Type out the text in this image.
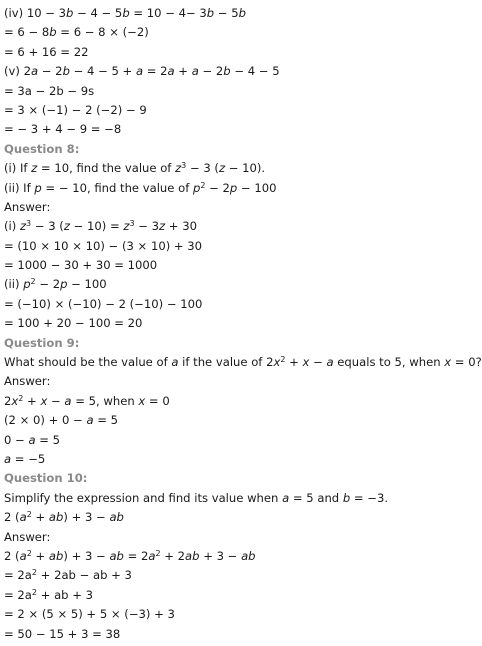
(iv) 10 − 3b − 4 − 5b = 10 − 4− 3b − 5b
= 6 − 8b = 6 − 8 × (−2)
= 6 + 16 = 22
(v) 2a − 2b − 4 − 5 + a = 2a + a − 2b − 4 − 5
= 3a − 2b − 9s
= 3 × (−1) − 2 (−2) − 9
= − 3 + 4 − 9 = −8
Question 8:
(i) If z = 10, find the value of $z^3 - 3$ (z − 10).
(ii) If p = − 10, find the value of $p^2 - 2p - 100$
Answer:
(i) $z^3 - 3$ $(z - 10) = z^3 - 3z + 30$
= (10 × 10 × 10) − (3 × 10) + 30
= 1000 − 30 + 30 = 1000
(ii) $p^2 - 2p - 100$
= (−10) × (−10) − 2 (−10) − 100
= 100 + 20 − 100 = 20
Question 9:
What should be the value of a if the value of $2x^2 + x - a$ equals to 5, when x = 0?
Answer:
$2x^2 + x - a = 5$, when x = 0
(2 × 0) + 0 − a = 5
0 − a = 5
a = −5
Question 10:
Simplify the expression and find its value when a = 5 and b = −3.
2 $(a^2 + ab) + 3$ − ab
Answer:
2 $(a^2 + ab) + 3$ − ab = $2a^2 + 2ab + 3$ − ab
= $2a^2 + 2ab$ − ab + 3
= $2a^2$ + ab + 3
= 2 × (5 × 5) + 5 × (−3) + 3
= 50 − 15 + 3 = 38
